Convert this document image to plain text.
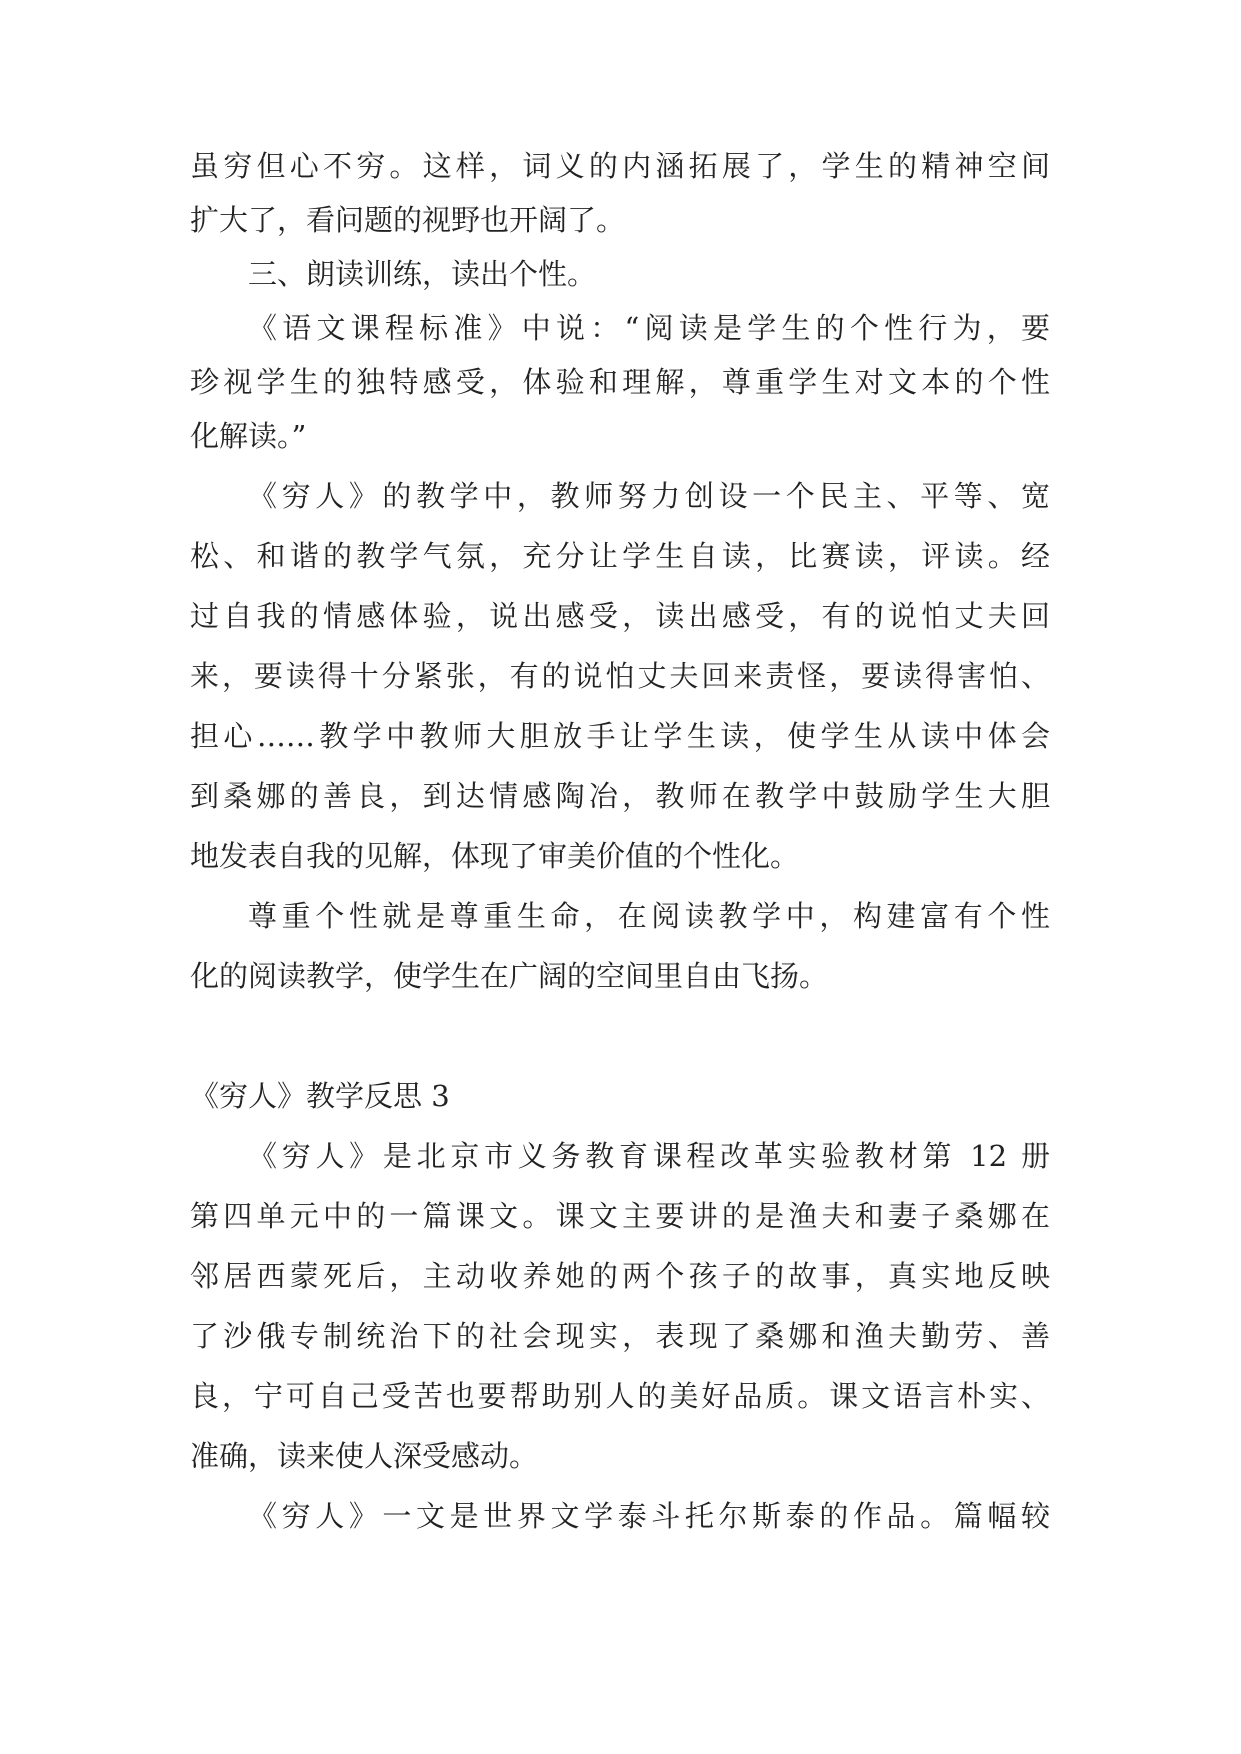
虽穷但心不穷。这样，词义的内涵拓展了，学生的精神空间
扩大了，看问题的视野也开阔了。
三、朗读训练，读出个性。
《语文课程标准》中说：“阅读是学生的个性行为，要
珍视学生的独特感受，体验和理解，尊重学生对文本的个性
化解读。”
《穷人》的教学中，教师努力创设一个民主、平等、宽
松、和谐的教学气氛，充分让学生自读，比赛读，评读。经
过自我的情感体验，说出感受，读出感受，有的说怕丈夫回
来，要读得十分紧张，有的说怕丈夫回来责怪，要读得害怕、
担心……教学中教师大胆放手让学生读，使学生从读中体会
到桑娜的善良，到达情感陶冶，教师在教学中鼓励学生大胆
地发表自我的见解，体现了审美价值的个性化。
尊重个性就是尊重生命，在阅读教学中，构建富有个性
化的阅读教学，使学生在广阔的空间里自由飞扬。
《穷人》教学反思 3
《穷人》是北京市义务教育课程改革实验教材第 12 册
第四单元中的一篇课文。课文主要讲的是渔夫和妻子桑娜在
邻居西蒙死后，主动收养她的两个孩子的故事，真实地反映
了沙俄专制统治下的社会现实，表现了桑娜和渔夫勤劳、善
良，宁可自己受苦也要帮助别人的美好品质。课文语言朴实、
准确，读来使人深受感动。
《穷人》一文是世界文学泰斗托尔斯泰的作品。篇幅较
